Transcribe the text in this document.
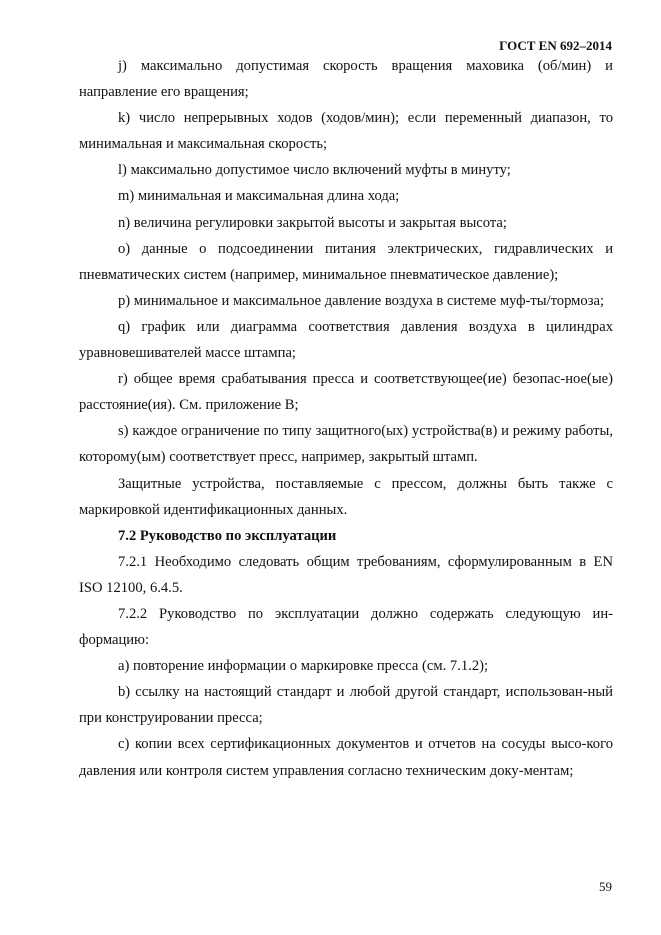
ГОСТ EN 692–2014

j) максимально допустимая скорость вращения маховика (об/мин) и направление его вращения;

k) число непрерывных ходов (ходов/мин); если переменный диапазон, то минимальная и максимальная скорость;

l) максимально допустимое число включений муфты в минуту;

m) минимальная и максимальная длина хода;

n) величина регулировки закрытой высоты и закрытая высота;

o) данные о подсоединении питания электрических, гидравлических и пневматических систем (например, минимальное пневматическое давление);

p) минимальное и максимальное давление воздуха в системе муф-ты/тормоза;

q) график или диаграмма соответствия давления воздуха в цилиндрах уравновешивателей массе штампа;

r) общее время срабатывания пресса и соответствующее(ие) безопас-ное(ые) расстояние(ия). См. приложение В;

s) каждое ограничение по типу защитного(ых) устройства(в) и режиму работы, которому(ым) соответствует пресс, например, закрытый штамп.

Защитные устройства, поставляемые с прессом, должны быть также с маркировкой идентификационных данных.

7.2 Руководство по эксплуатации

7.2.1 Необходимо следовать общим требованиям, сформулированным в EN ISO 12100, 6.4.5.

7.2.2 Руководство по эксплуатации должно содержать следующую ин-формацию:

a) повторение информации о маркировке пресса (см. 7.1.2);

b) ссылку на настоящий стандарт и любой другой стандарт, использован-ный при конструировании пресса;

c) копии всех сертификационных документов и отчетов на сосуды высо-кого давления или контроля систем управления согласно техническим доку-ментам;

59
